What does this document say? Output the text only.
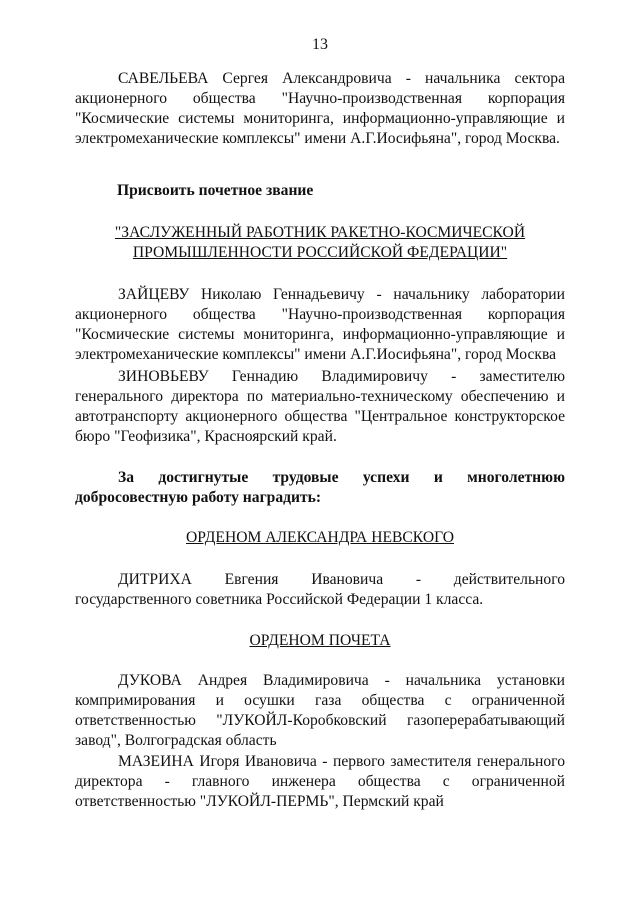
13
САВЕЛЬЕВА Сергея Александровича - начальника сектора акционерного общества "Научно-производственная корпорация "Космические системы мониторинга, информационно-управляющие и электромеханические комплексы" имени А.Г.Иосифьяна", город Москва.
Присвоить почетное звание
"ЗАСЛУЖЕННЫЙ РАБОТНИК РАКЕТНО-КОСМИЧЕСКОЙ
ПРОМЫШЛЕННОСТИ РОССИЙСКОЙ ФЕДЕРАЦИИ"
ЗАЙЦЕВУ Николаю Геннадьевичу - начальнику лаборатории акционерного общества "Научно-производственная корпорация "Космические системы мониторинга, информационно-управляющие и электромеханические комплексы" имени А.Г.Иосифьяна", город Москва
ЗИНОВЬЕВУ Геннадию Владимировичу - заместителю генерального директора по материально-техническому обеспечению и автотранспорту акционерного общества "Центральное конструкторское бюро "Геофизика", Красноярский край.
За достигнутые трудовые успехи и многолетнюю добросовестную работу наградить:
ОРДЕНОМ АЛЕКСАНДРА НЕВСКОГО
ДИТРИХА Евгения Ивановича - действительного государственного советника Российской Федерации 1 класса.
ОРДЕНОМ ПОЧЕТА
ДУКОВА Андрея Владимировича - начальника установки компримирования и осушки газа общества с ограниченной ответственностью "ЛУКОЙЛ-Коробковский газоперерабатывающий завод", Волгоградская область
МАЗЕИНА Игоря Ивановича - первого заместителя генерального директора - главного инженера общества с ограниченной ответственностью "ЛУКОЙЛ-ПЕРМЬ", Пермский край
